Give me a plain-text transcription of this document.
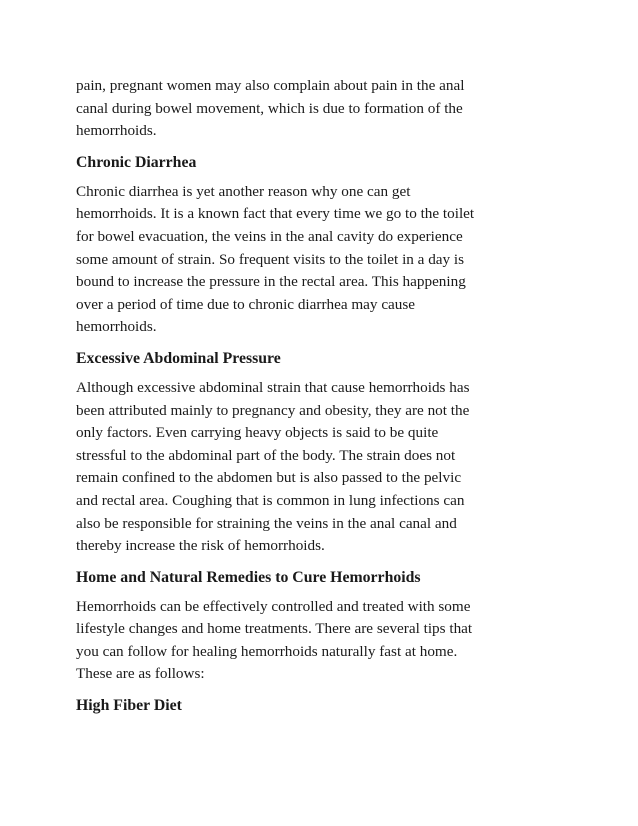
pain, pregnant women may also complain about pain in the anal
canal during bowel movement, which is due to formation of the
hemorrhoids.

Chronic Diarrhea

Chronic diarrhea is yet another reason why one can get
hemorrhoids. It is a known fact that every time we go to the toilet
for bowel evacuation, the veins in the anal cavity do experience
some amount of strain. So frequent visits to the toilet in a day is
bound to increase the pressure in the rectal area. This happening
over a period of time due to chronic diarrhea may cause
hemorrhoids.

Excessive Abdominal Pressure

Although excessive abdominal strain that cause hemorrhoids has
been attributed mainly to pregnancy and obesity, they are not the
only factors. Even carrying heavy objects is said to be quite
stressful to the abdominal part of the body. The strain does not
remain confined to the abdomen but is also passed to the pelvic
and rectal area. Coughing that is common in lung infections can
also be responsible for straining the veins in the anal canal and
thereby increase the risk of hemorrhoids.

Home and Natural Remedies to Cure Hemorrhoids

Hemorrhoids can be effectively controlled and treated with some
lifestyle changes and home treatments. There are several tips that
you can follow for healing hemorrhoids naturally fast at home.
These are as follows:

High Fiber Diet
